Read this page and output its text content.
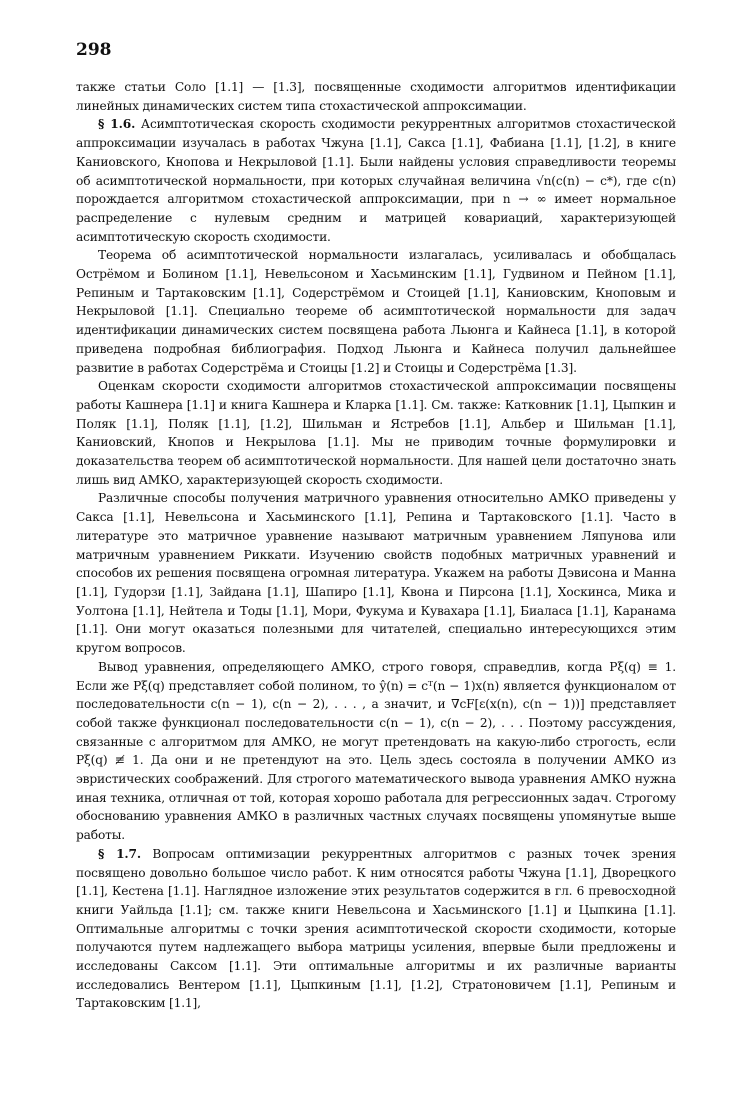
298

также статьи Соло [1.1] — [1.3], посвященные сходимости алгоритмов идентификации линейных динамических систем типа стохастической аппроксимации.

§ 1.6. Асимптотическая скорость сходимости рекуррентных алгоритмов стохастической аппроксимации изучалась в работах Чжуна [1.1], Сакса [1.1], Фабиана [1.1], [1.2], в книге Каниовского, Кнопова и Некрыловой [1.1]. Были найдены условия справедливости теоремы об асимптотической нормальности, при которых случайная величина √n(c(n) − c*), где c(n) порождается алгоритмом стохастической аппроксимации, при n → ∞ имеет нормальное распределение с нулевым средним и матрицей ковариаций, характеризующей асимптотическую скорость сходимости.

Теорема об асимптотической нормальности излагалась, усиливалась и обобщалась Острёмом и Болином [1.1], Невельсоном и Хасьминским [1.1], Гудвином и Пейном [1.1], Репиным и Тартаковским [1.1], Содерстрёмом и Стоицей [1.1], Каниовским, Кноповым и Некрыловой [1.1]. Специально теореме об асимптотической нормальности для задач идентификации динамических систем посвящена работа Льюнга и Кайнеса [1.1], в которой приведена подробная библиография. Подход Льюнга и Кайнеса получил дальнейшее развитие в работах Содерстрёма и Стоицы [1.2] и Стоицы и Содерстрёма [1.3].

Оценкам скорости сходимости алгоритмов стохастической аппроксимации посвящены работы Кашнера [1.1] и книга Кашнера и Кларка [1.1]. См. также: Катковник [1.1], Цыпкин и Поляк [1.1], Поляк [1.1], [1.2], Шильман и Ястребов [1.1], Альбер и Шильман [1.1], Каниовский, Кнопов и Некрылова [1.1]. Мы не приводим точные формулировки и доказательства теорем об асимптотической нормальности. Для нашей цели достаточно знать лишь вид АМКО, характеризующей скорость сходимости.

Различные способы получения матричного уравнения относительно АМКО приведены у Сакса [1.1], Невельсона и Хасьминского [1.1], Репина и Тартаковского [1.1]. Часто в литературе это матричное уравнение называют матричным уравнением Ляпунова или матричным уравнением Риккати. Изучению свойств подобных матричных уравнений и способов их решения посвящена огромная литература. Укажем на работы Дэвисона и Манна [1.1], Гудорзи [1.1], Зайдана [1.1], Шапиро [1.1], Квона и Пирсона [1.1], Хоскинса, Мика и Уолтона [1.1], Нейтела и Тоды [1.1], Мори, Фукума и Кувахара [1.1], Биаласа [1.1], Каранама [1.1]. Они могут оказаться полезными для читателей, специально интересующихся этим кругом вопросов.

Вывод уравнения, определяющего АМКО, строго говоря, справедлив, когда Pξ(q) ≡ 1. Если же Pξ(q) представляет собой полином, то ŷ(n) = cᵀ(n − 1)x(n) является функционалом от последовательности c(n − 1), c(n − 2), . . . , а значит, и ∇cF[ε(x(n), c(n − 1))] представляет собой также функционал последовательности c(n − 1), c(n − 2), . . . Поэтому рассуждения, связанные с алгоритмом для АМКО, не могут претендовать на какую-либо строгость, если Pξ(q) ≢ 1. Да они и не претендуют на это. Цель здесь состояла в получении АМКО из эвристических соображений. Для строгого математического вывода уравнения АМКО нужна иная техника, отличная от той, которая хорошо работала для регрессионных задач. Строгому обоснованию уравнения АМКО в различных частных случаях посвящены упомянутые выше работы.

§ 1.7. Вопросам оптимизации рекуррентных алгоритмов с разных точек зрения посвящено довольно большое число работ. К ним относятся работы Чжуна [1.1], Дворецкого [1.1], Кестена [1.1]. Наглядное изложение этих результатов содержится в гл. 6 превосходной книги Уайльда [1.1]; см. также книги Невельсона и Хасьминского [1.1] и Цыпкина [1.1]. Оптимальные алгоритмы с точки зрения асимптотической скорости сходимости, которые получаются путем надлежащего выбора матрицы усиления, впервые были предложены и исследованы Саксом [1.1]. Эти оптимальные алгоритмы и их различные варианты исследовались Вентером [1.1], Цыпкиным [1.1], [1.2], Стратоновичем [1.1], Репиным и Тартаковским [1.1],
